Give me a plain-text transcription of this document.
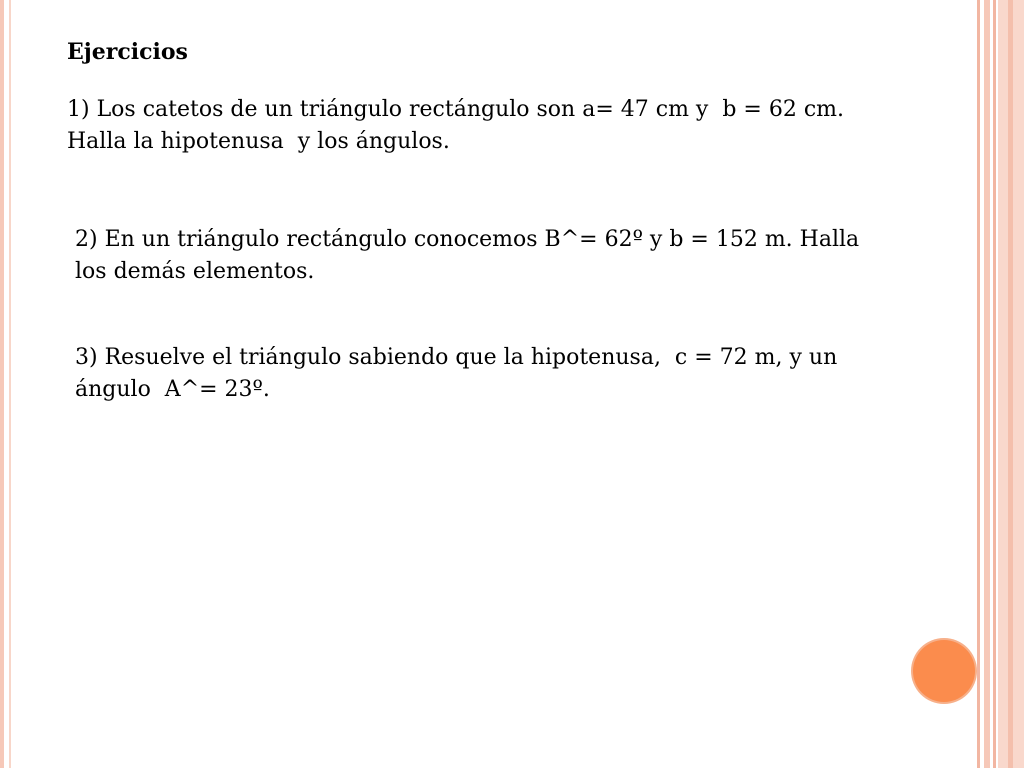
Ejercicios

1) Los catetos de un triángulo rectángulo son a= 47 cm y  b = 62 cm.

Halla la hipotenusa  y los ángulos.

2) En un triángulo rectángulo conocemos B^= 62º y b = 152 m. Halla

los demás elementos.

3) Resuelve el triángulo sabiendo que la hipotenusa,  c = 72 m, y un

ángulo  A^= 23º.
